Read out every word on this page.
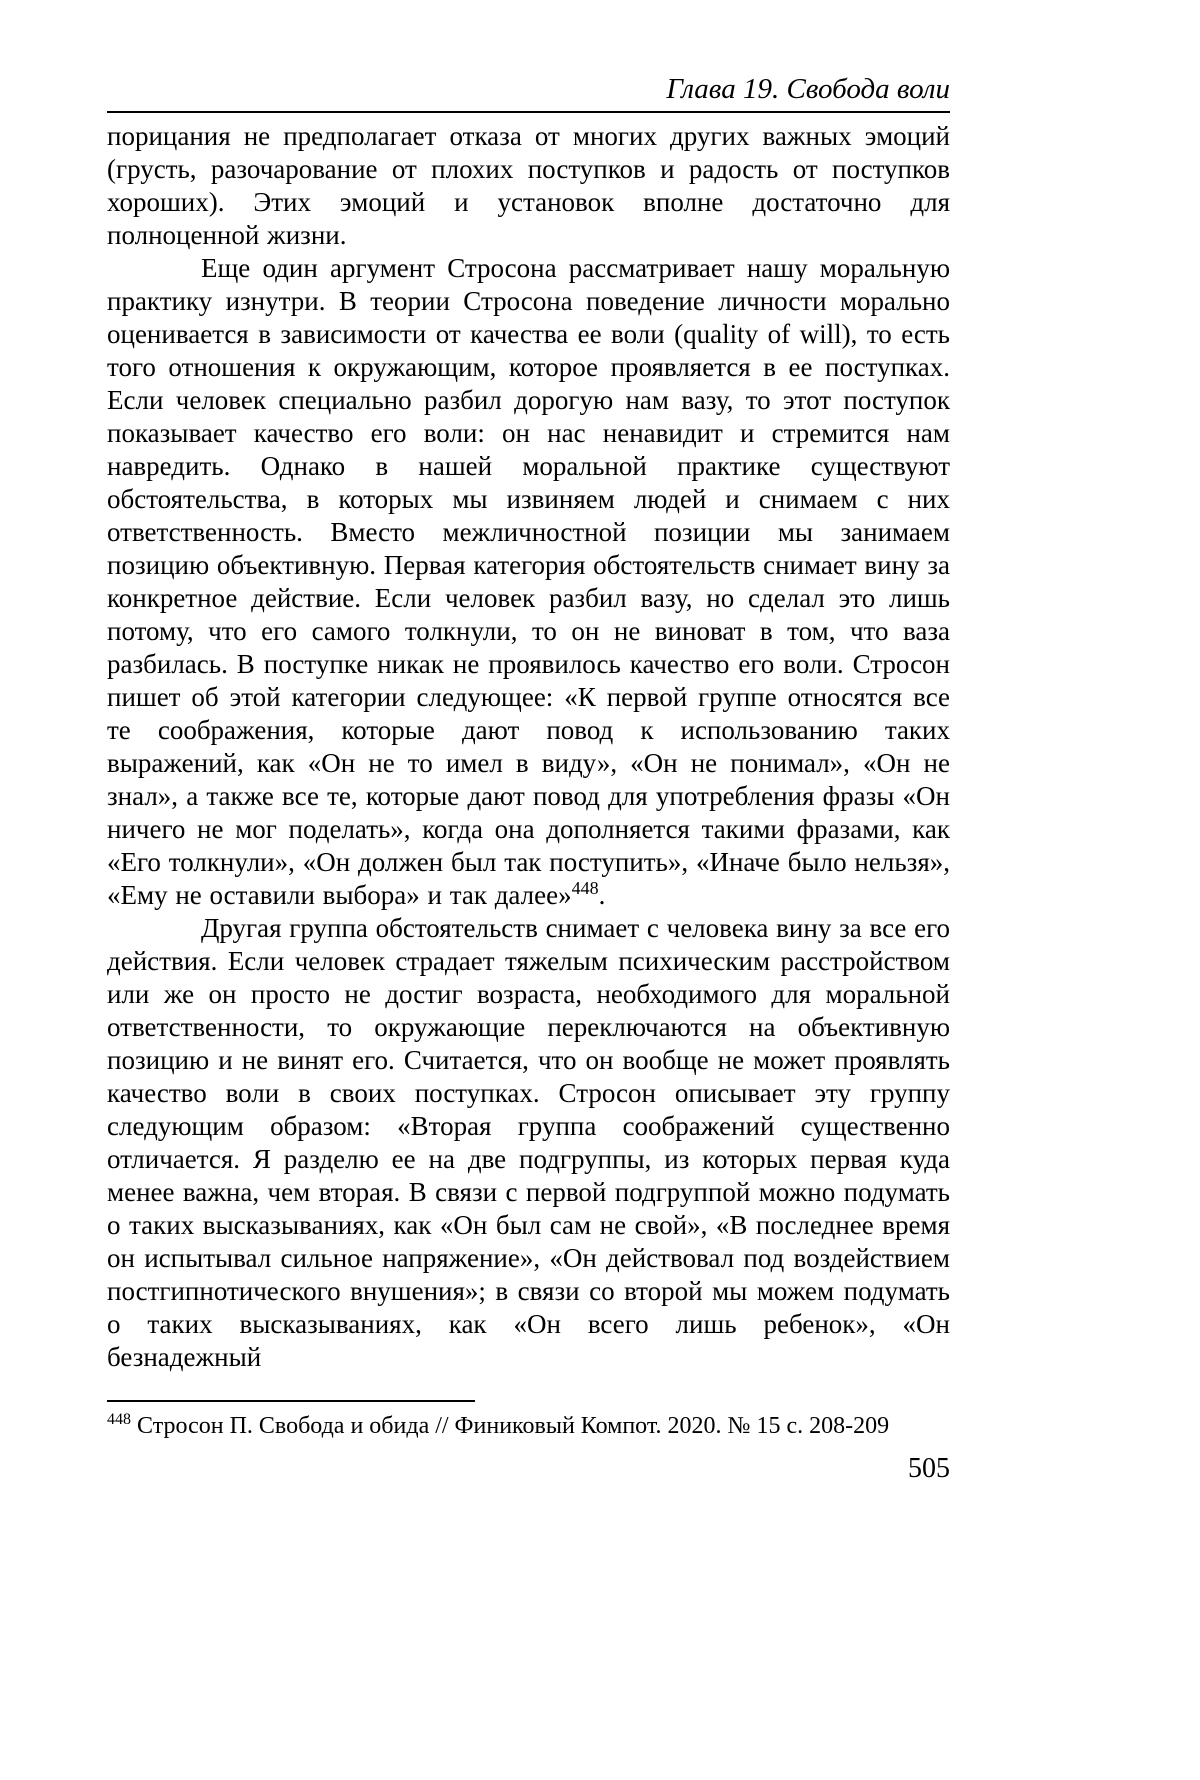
Глава 19. Свобода воли

порицания не предполагает отказа от многих других важных эмоций (грусть, разочарование от плохих поступков и радость от поступков хороших). Этих эмоций и установок вполне достаточно для полноценной жизни.

Еще один аргумент Стросона рассматривает нашу моральную практику изнутри. В теории Стросона поведение личности морально оценивается в зависимости от качества ее воли (quality of will), то есть того отношения к окружающим, которое проявляется в ее поступках. Если человек специально разбил дорогую нам вазу, то этот поступок показывает качество его воли: он нас ненавидит и стремится нам навредить. Однако в нашей моральной практике существуют обстоятельства, в которых мы извиняем людей и снимаем с них ответственность. Вместо межличностной позиции мы занимаем позицию объективную. Первая категория обстоятельств снимает вину за конкретное действие. Если человек разбил вазу, но сделал это лишь потому, что его самого толкнули, то он не виноват в том, что ваза разбилась. В поступке никак не проявилось качество его воли. Стросон пишет об этой категории следующее: «К первой группе относятся все те соображения, которые дают повод к использованию таких выражений, как «Он не то имел в виду», «Он не понимал», «Он не знал», а также все те, которые дают повод для употребления фразы «Он ничего не мог поделать», когда она дополняется такими фразами, как «Его толкнули», «Он должен был так поступить», «Иначе было нельзя», «Ему не оставили выбора» и так далее»$^{448}$.

Другая группа обстоятельств снимает с человека вину за все его действия. Если человек страдает тяжелым психическим расстройством или же он просто не достиг возраста, необходимого для моральной ответственности, то окружающие переключаются на объективную позицию и не винят его. Считается, что он вообще не может проявлять качество воли в своих поступках. Стросон описывает эту группу следующим образом: «Вторая группа соображений существенно отличается. Я разделю ее на две подгруппы, из которых первая куда менее важна, чем вторая. В связи с первой подгруппой можно подумать о таких высказываниях, как «Он был сам не свой», «В последнее время он испытывал сильное напряжение», «Он действовал под воздействием постгипнотического внушения»; в связи со второй мы можем подумать о таких высказываниях, как «Он всего лишь ребенок», «Он безнадежный

$^{448}$ Стросон П. Свобода и обида // Финиковый Компот. 2020. № 15 с. 208-209
505
